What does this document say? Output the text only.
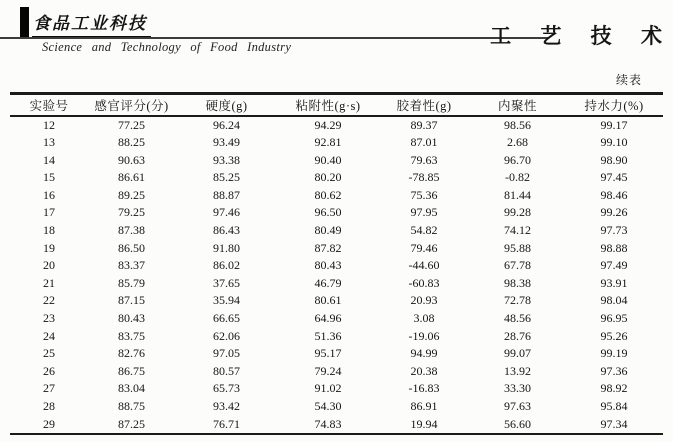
食品工业科技	工 艺 技 术
Science and Technology of Food Industry
续表
实验号	感官评分(分)	硬度(g)	粘附性(g·s)	胶着性(g)	内聚性	持水力(%)
12	77.25	96.24	94.29	89.37	98.56	99.17
13	88.25	93.49	92.81	87.01	2.68	99.10
14	90.63	93.38	90.40	79.63	96.70	98.90
15	86.61	85.25	80.20	-78.85	-0.82	97.45
16	89.25	88.87	80.62	75.36	81.44	98.46
17	79.25	97.46	96.50	97.95	99.28	99.26
18	87.38	86.43	80.49	54.82	74.12	97.73
19	86.50	91.80	87.82	79.46	95.88	98.88
20	83.37	86.02	80.43	-44.60	67.78	97.49
21	85.79	37.65	46.79	-60.83	98.38	93.91
22	87.15	35.94	80.61	20.93	72.78	98.04
23	80.43	66.65	64.96	3.08	48.56	96.95
24	83.75	62.06	51.36	-19.06	28.76	95.26
25	82.76	97.05	95.17	94.99	99.07	99.19
26	86.75	80.57	79.24	20.38	13.92	97.36
27	83.04	65.73	91.02	-16.83	33.30	98.92
28	88.75	93.42	54.30	86.91	97.63	95.84
29	87.25	76.71	74.83	19.94	56.60	97.34
